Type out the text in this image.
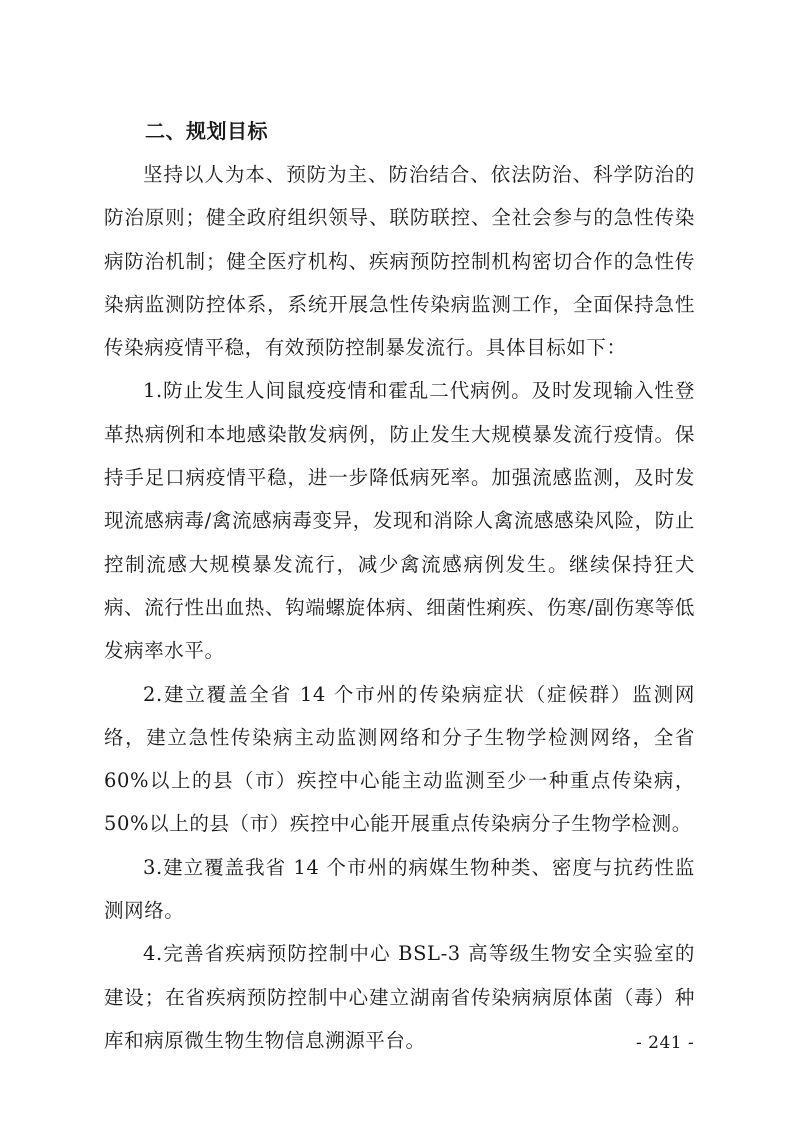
二、规划目标

坚持以人为本、预防为主、防治结合、依法防治、科学防治的防治原则；健全政府组织领导、联防联控、全社会参与的急性传染病防治机制；健全医疗机构、疾病预防控制机构密切合作的急性传染病监测防控体系，系统开展急性传染病监测工作，全面保持急性传染病疫情平稳，有效预防控制暴发流行。具体目标如下：

1.防止发生人间鼠疫疫情和霍乱二代病例。及时发现输入性登革热病例和本地感染散发病例，防止发生大规模暴发流行疫情。保持手足口病疫情平稳，进一步降低病死率。加强流感监测，及时发现流感病毒/禽流感病毒变异，发现和消除人禽流感感染风险，防止控制流感大规模暴发流行，减少禽流感病例发生。继续保持狂犬病、流行性出血热、钩端螺旋体病、细菌性痢疾、伤寒/副伤寒等低发病率水平。

2.建立覆盖全省 14 个市州的传染病症状（症候群）监测网络，建立急性传染病主动监测网络和分子生物学检测网络，全省 60%以上的县（市）疾控中心能主动监测至少一种重点传染病，50%以上的县（市）疾控中心能开展重点传染病分子生物学检测。

3.建立覆盖我省 14 个市州的病媒生物种类、密度与抗药性监测网络。

4.完善省疾病预防控制中心 BSL-3 高等级生物安全实验室的建设；在省疾病预防控制中心建立湖南省传染病病原体菌（毒）种库和病原微生物生物信息溯源平台。	- 241 -
